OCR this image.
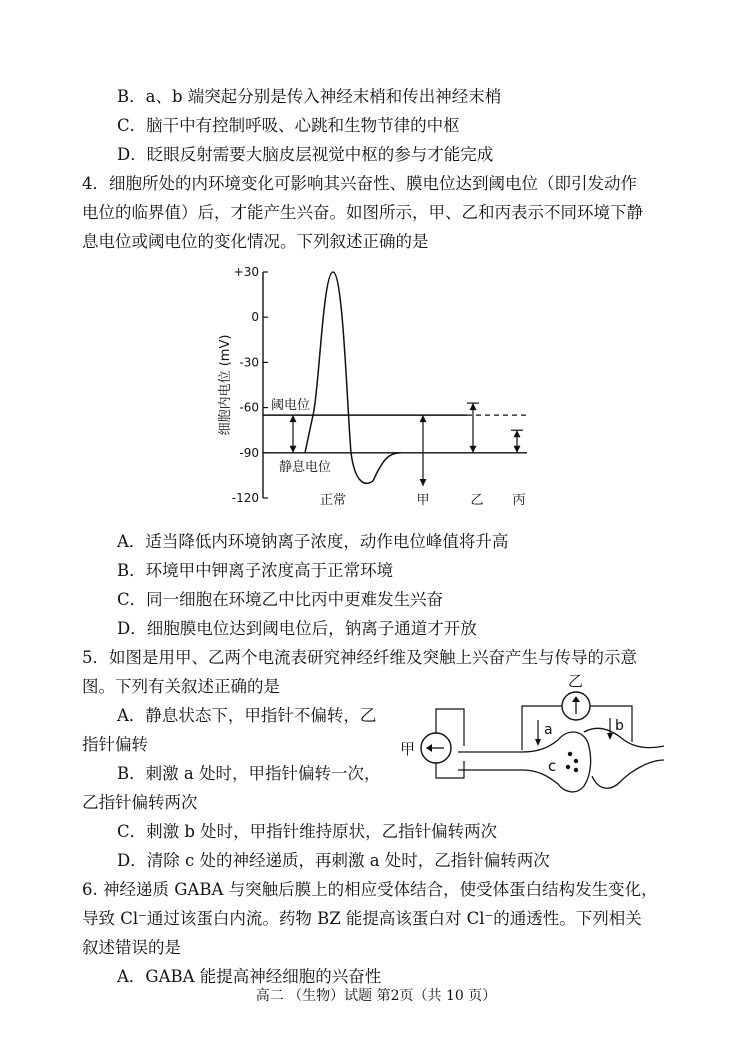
B．a、b 端突起分别是传入神经末梢和传出神经末梢
C．脑干中有控制呼吸、心跳和生物节律的中枢
D．眨眼反射需要大脑皮层视觉中枢的参与才能完成
4．细胞所处的内环境变化可影响其兴奋性、膜电位达到阈电位（即引发动作
电位的临界值）后，才能产生兴奋。如图所示，甲、乙和丙表示不同环境下静
息电位或阈电位的变化情况。下列叙述正确的是
+30
0
-30
-60
-90
-120
细胞内电位 (mV)	阈电位
静息电位
正常	甲	乙 丙
A．适当降低内环境钠离子浓度，动作电位峰值将升高
B．环境甲中钾离子浓度高于正常环境
C．同一细胞在环境乙中比丙中更难发生兴奋
D．细胞膜电位达到阈电位后，钠离子通道才开放
5．如图是用甲、乙两个电流表研究神经纤维及突触上兴奋产生与传导的示意
图。下列有关叙述正确的是
A．静息状态下，甲指针不偏转，乙
指针偏转
B．刺激 a 处时，甲指针偏转一次，
乙指针偏转两次
C．刺激 b 处时，甲指针维持原状，乙指针偏转两次
D．清除 c 处的神经递质，再刺激 a 处时，乙指针偏转两次
甲
c
乙
a	b
6. 神经递质 GABA 与突触后膜上的相应受体结合，使受体蛋白结构发生变化，
导致 Cl⁻通过该蛋白内流。药物 BZ 能提高该蛋白对 Cl⁻的通透性。下列相关
叙述错误的是
A．GABA 能提高神经细胞的兴奋性
高二 （生物）试题 第2页（共 10 页）
